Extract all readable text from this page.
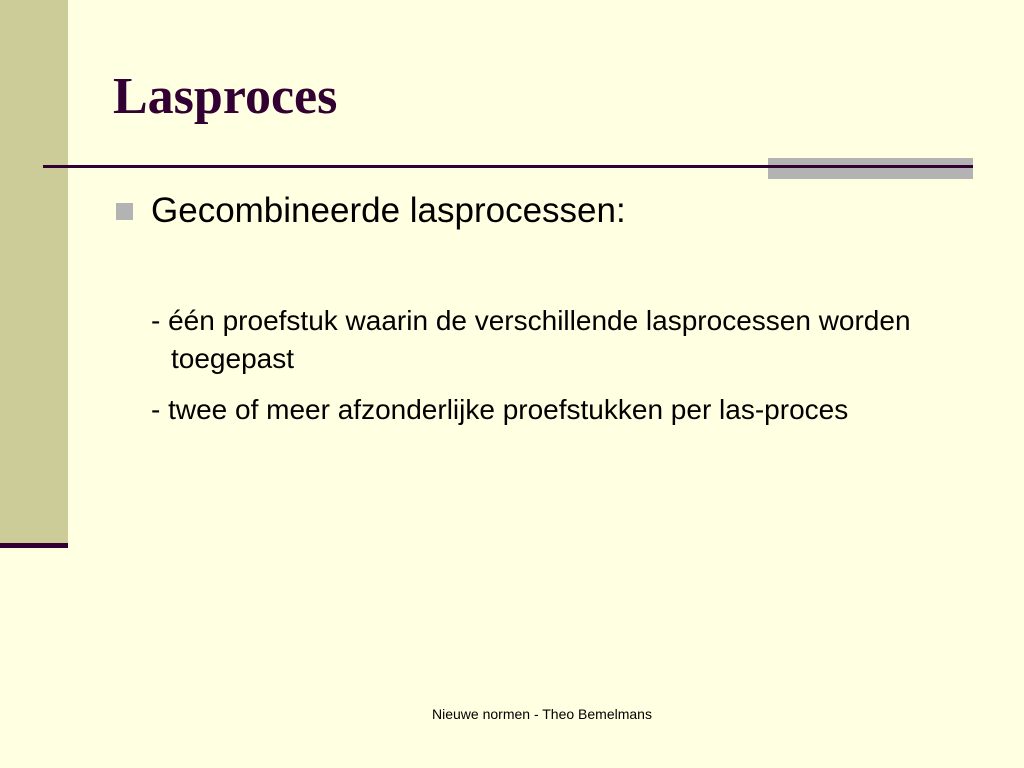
Lasproces
Gecombineerde lasprocessen:
- één proefstuk waarin de verschillende lasprocessen worden toegepast
- twee of meer afzonderlijke proefstukken per las-proces
Nieuwe normen - Theo Bemelmans
